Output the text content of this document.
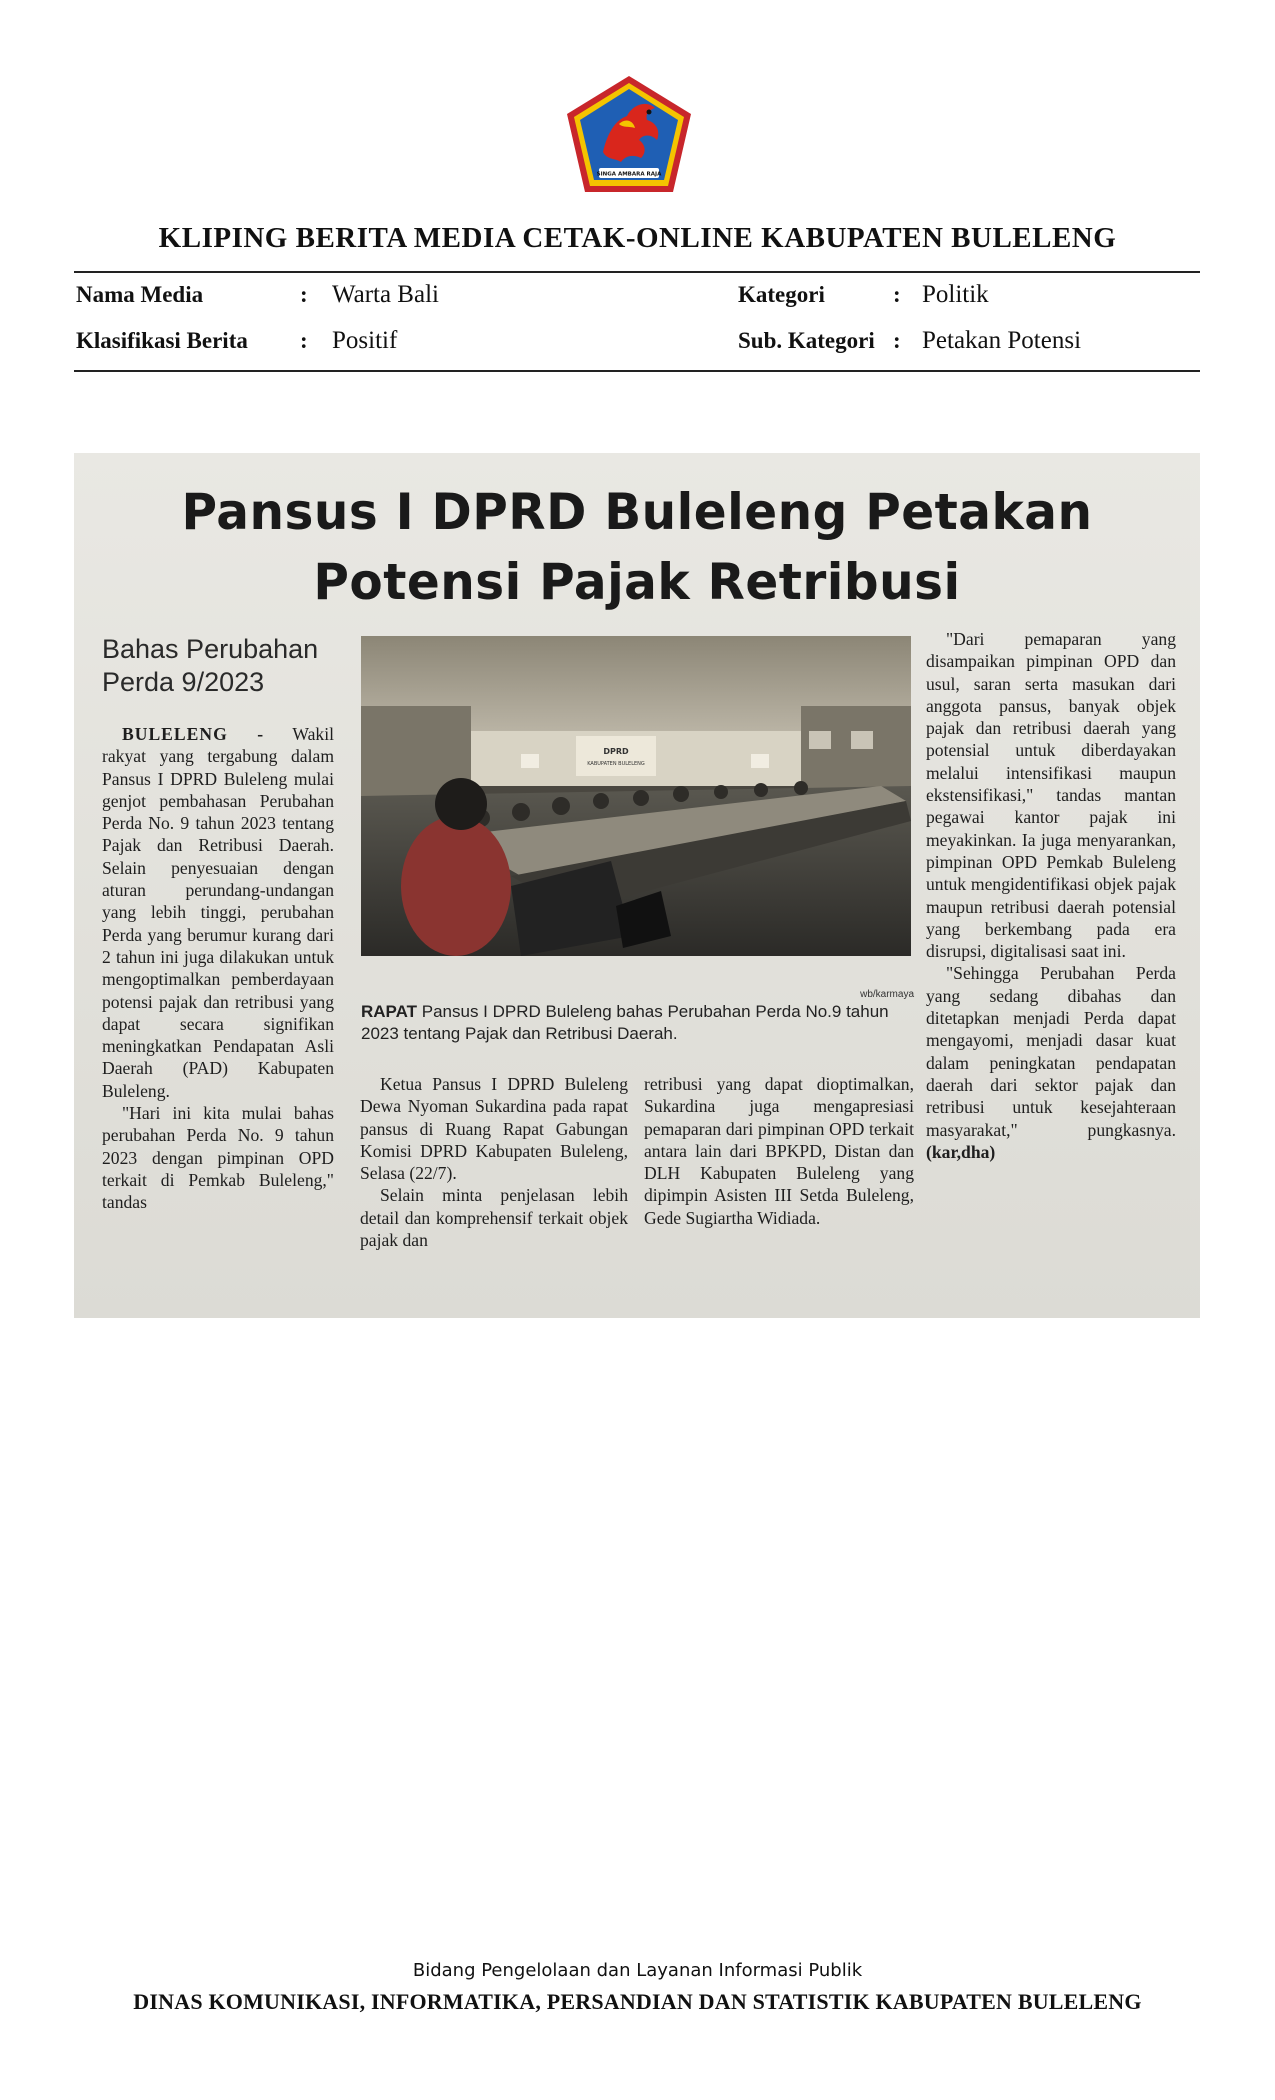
SINGA AMBARA RAJA
KLIPING BERITA MEDIA CETAK-ONLINE KABUPATEN BULELENG
Nama Media	: Warta Bali
Klasifikasi Berita : Positif
Kategori	: Politik
Sub. Kategori : Petakan Potensi
Pansus I DPRD Buleleng Petakan
Potensi Pajak Retribusi
Bahas Perubahan
Perda 9/2023

BULELENG - Wakil rakyat yang tergabung dalam Pansus I DPRD Buleleng mulai genjot pembahasan Perubahan Perda No. 9 tahun 2023 tentang Pajak dan Retribusi Daerah. Selain penyesuaian dengan aturan perundang-undangan yang lebih tinggi, perubahan Perda yang berumur kurang dari 2 tahun ini juga dilakukan untuk mengoptimalkan pemberdayaan potensi pajak dan retribusi yang dapat secara signifikan meningkatkan Pendapatan Asli Daerah (PAD) Kabupaten Buleleng.

"Hari ini kita mulai bahas perubahan Perda No. 9 tahun 2023 dengan pimpinan OPD terkait di Pemkab Buleleng," tandas

DPRD
KABUPATEN BULELENG
wb/karmaya
RAPAT Pansus I DPRD Buleleng bahas Perubahan Perda No.9 tahun 2023 tentang Pajak dan Retribusi Daerah.

Ketua Pansus I DPRD Buleleng Dewa Nyoman Sukardina pada rapat pansus di Ruang Rapat Gabungan Komisi DPRD Kabupaten Buleleng, Selasa (22/7).

Selain minta penjelasan lebih detail dan komprehensif terkait objek pajak dan

retribusi yang dapat dioptimalkan, Sukardina juga mengapresiasi pemaparan dari pimpinan OPD terkait antara lain dari BPKPD, Distan dan DLH Kabupaten Buleleng yang dipimpin Asisten III Setda Buleleng, Gede Sugiartha Widiada.

"Dari pemaparan yang disampaikan pimpinan OPD dan usul, saran serta masukan dari anggota pansus, banyak objek pajak dan retribusi daerah yang potensial untuk diberdayakan melalui intensifikasi maupun ekstensifikasi," tandas mantan pegawai kantor pajak ini meyakinkan. Ia juga menyarankan, pimpinan OPD Pemkab Buleleng untuk mengidentifikasi objek pajak maupun retribusi daerah potensial yang berkembang pada era disrupsi, digitalisasi saat ini.

"Sehingga Perubahan Perda yang sedang dibahas dan ditetapkan menjadi Perda dapat mengayomi, menjadi dasar kuat dalam peningkatan pendapatan daerah dari sektor pajak dan retribusi untuk kesejahteraan masyarakat," pungkasnya. (kar,dha)

Bidang Pengelolaan dan Layanan Informasi Publik
DINAS KOMUNIKASI, INFORMATIKA, PERSANDIAN DAN STATISTIK KABUPATEN BULELENG
